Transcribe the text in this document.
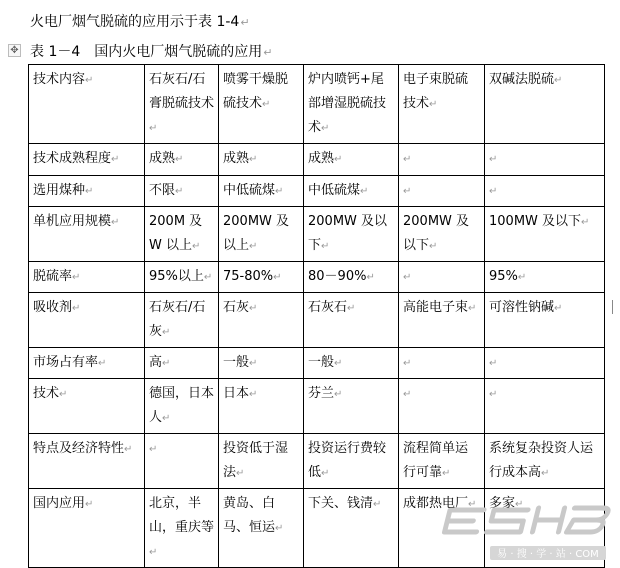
火电厂烟气脱硫的应用示于表 1-4↵
✥ 表 1－4　国内火电厂烟气脱硫的应用↵
技术内容↵	石灰石/石膏脱硫技术↵	喷雾干燥脱硫技术↵	炉内喷钙+尾部增湿脱硫技术↵	电子束脱硫技术↵	双碱法脱硫↵
技术成熟程度↵	成熟↵	成熟↵	成熟↵	↵	↵
选用煤种↵	不限↵	中低硫煤↵	中低硫煤↵	↵	↵
单机应用规模↵	200M 及 W 以上↵	200MW 及以上↵	200MW 及以下↵	200MW 及以下↵	100MW 及以下↵
脱硫率↵	95%以上↵	75-80%↵	80－90%↵	↵	95%↵
吸收剂↵	石灰石/石灰↵	石灰↵	石灰石↵	高能电子束↵	可溶性钠碱↵
市场占有率↵	高↵	一般↵	一般↵	↵	↵
技术↵	德国，日本人↵	日本↵	芬兰↵	↵	↵
特点及经济特性↵	↵	投资低于湿法↵	投资运行费较低↵	流程简单运行可靠↵	系统复杂投资人运行成本高↵
国内应用↵	北京，半山，重庆等↵	黄岛、白马、恒运↵	下关、钱清↵	成都热电厂↵	多家↵
易 · 搜 · 学 · 站 · COM
